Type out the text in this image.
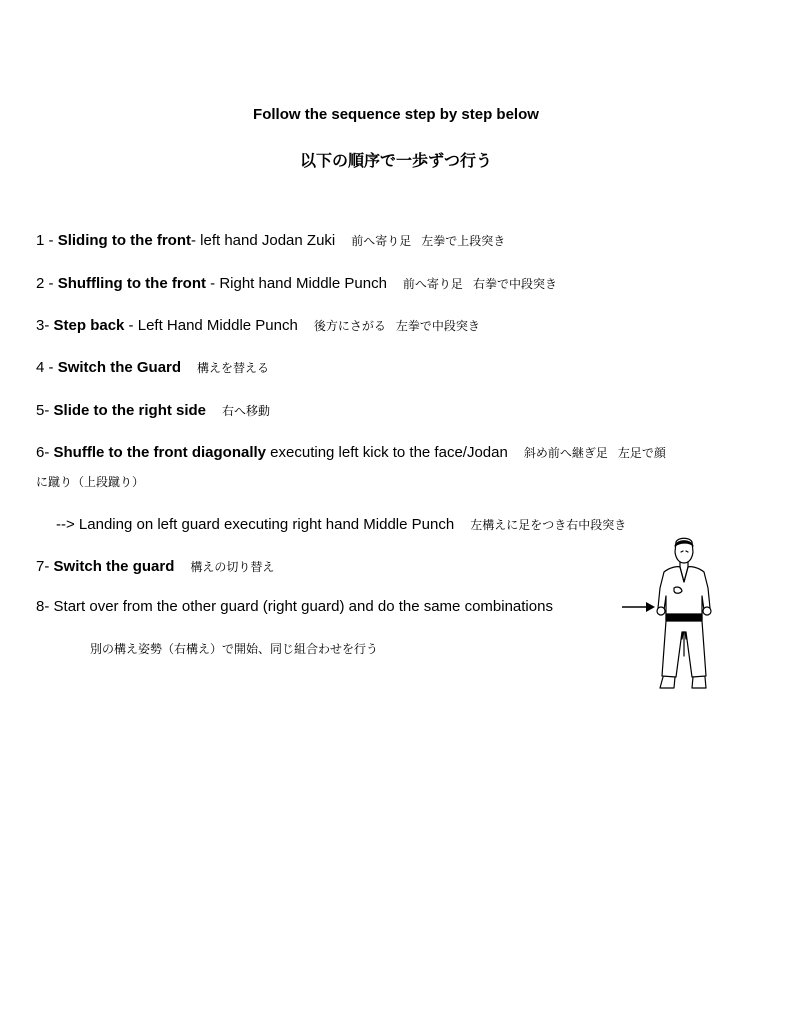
Follow the sequence step by step below
以下の順序で一歩ずつ行う
1 - Sliding to the front- left hand Jodan Zuki 前へ寄り足 左拳で上段突き
2 - Shuffling to the front - Right hand Middle Punch 前へ寄り足 右拳で中段突き
3- Step back - Left Hand Middle Punch 後方にさがる 左拳で中段突き
4 - Switch the Guard 構えを替える
5- Slide to the right side 右へ移動
6- Shuffle to the front diagonally executing left kick to the face/Jodan 斜め前へ継ぎ足 左足で顔
に蹴り（上段蹴り）
--> Landing on left guard executing right hand Middle Punch 左構えに足をつき右中段突き
7- Switch the guard 構えの切り替え
8- Start over from the other guard (right guard) and do the same combinations
別の構え姿勢（右構え）で開始、同じ組合わせを行う
